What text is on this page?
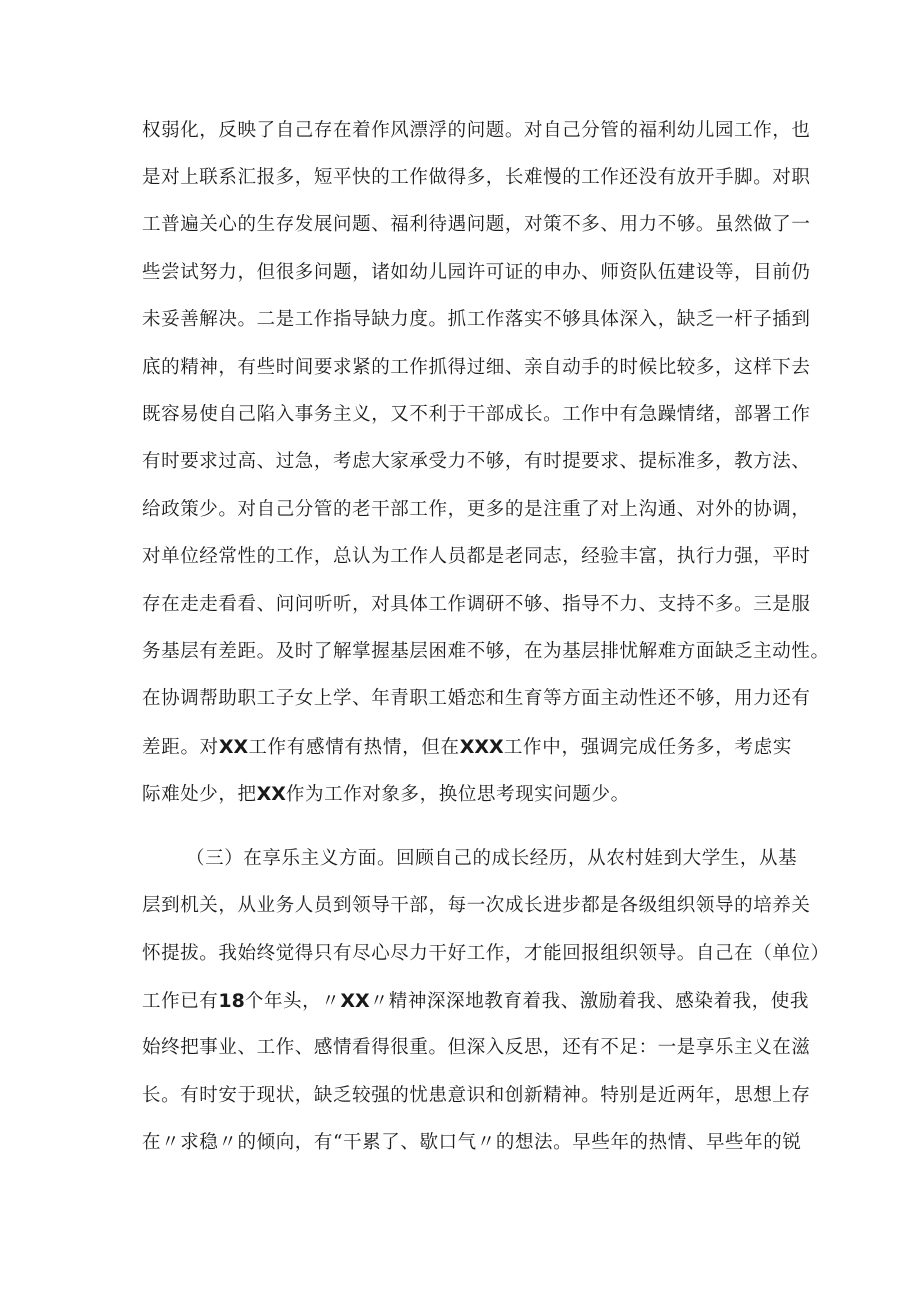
权弱化，反映了自己存在着作风漂浮的问题。对自己分管的福利幼儿园工作，也
是对上联系汇报多，短平快的工作做得多，长难慢的工作还没有放开手脚。对职
工普遍关心的生存发展问题、福利待遇问题，对策不多、用力不够。虽然做了一
些尝试努力，但很多问题，诸如幼儿园许可证的申办、师资队伍建设等，目前仍
未妥善解决。二是工作指导缺力度。抓工作落实不够具体深入，缺乏一杆子插到
底的精神，有些时间要求紧的工作抓得过细、亲自动手的时候比较多，这样下去
既容易使自己陷入事务主义，又不利于干部成长。工作中有急躁情绪，部署工作
有时要求过高、过急，考虑大家承受力不够，有时提要求、提标准多，教方法、
给政策少。对自己分管的老干部工作，更多的是注重了对上沟通、对外的协调，
对单位经常性的工作，总认为工作人员都是老同志，经验丰富，执行力强，平时
存在走走看看、问问听听，对具体工作调研不够、指导不力、支持不多。三是服
务基层有差距。及时了解掌握基层困难不够，在为基层排忧解难方面缺乏主动性。
在协调帮助职工子女上学、年青职工婚恋和生育等方面主动性还不够，用力还有
差距。对XX工作有感情有热情，但在XXX工作中，强调完成任务多，考虑实
际难处少，把XX作为工作对象多，换位思考现实问题少。
（三）在享乐主义方面。回顾自己的成长经历，从农村娃到大学生，从基
层到机关，从业务人员到领导干部，每一次成长进步都是各级组织领导的培养关
怀提拔。我始终觉得只有尽心尽力干好工作，才能回报组织领导。自己在（单位）
工作已有18个年头，〃XX〃精神深深地教育着我、激励着我、感染着我，使我
始终把事业、工作、感情看得很重。但深入反思，还有不足：一是享乐主义在滋
长。有时安于现状，缺乏较强的忧患意识和创新精神。特别是近两年，思想上存
在〃求稳〃的倾向，有“干累了、歇口气〃的想法。早些年的热情、早些年的锐
